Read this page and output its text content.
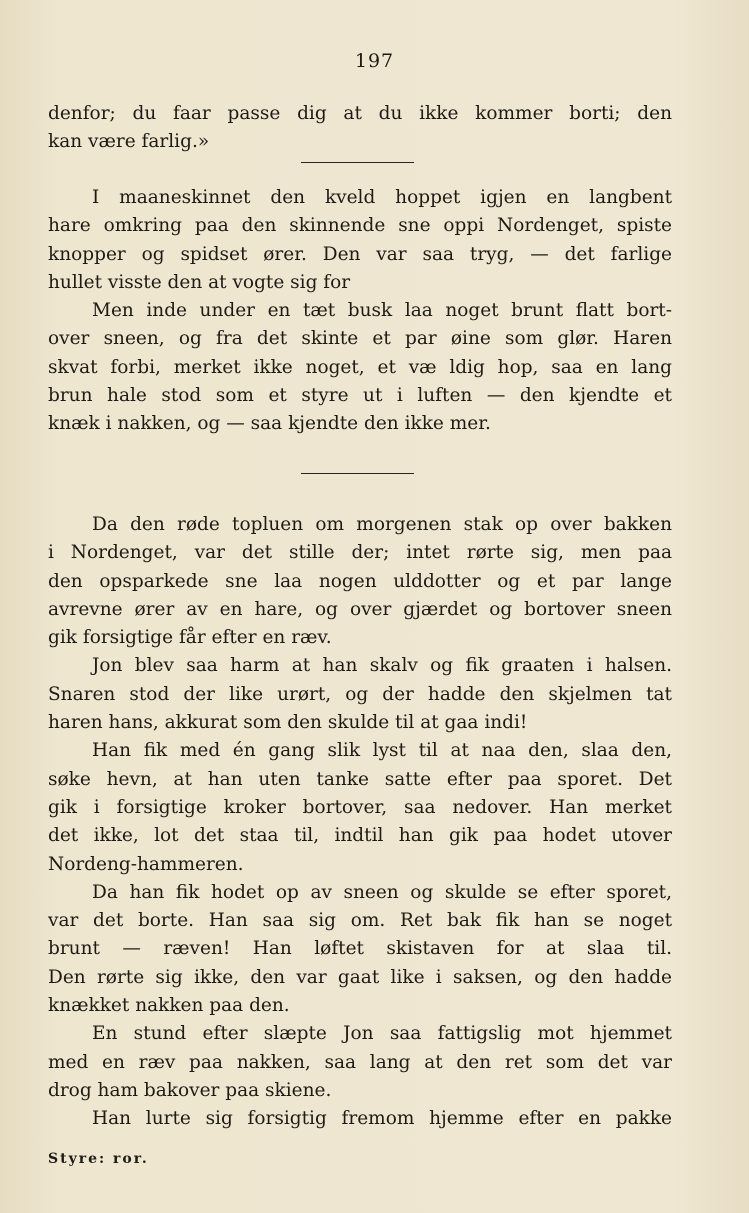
197
denfor; du faar passe dig at du ikke kommer borti; den
kan være farlig.»
I maaneskinnet den kveld hoppet igjen en langbent
hare omkring paa den skinnende sne oppi Nordenget, spiste
knopper og spidset ører. Den var saa tryg, — det farlige
hullet visste den at vogte sig for
Men inde under en tæt busk laa noget brunt flatt bort-
over sneen, og fra det skinte et par øine som glør. Haren
skvat forbi, merket ikke noget, et væ ldig hop, saa en lang
brun hale stod som et styre ut i luften — den kjendte et
knæk i nakken, og — saa kjendte den ikke mer.
Da den røde topluen om morgenen stak op over bakken
i Nordenget, var det stille der; intet rørte sig, men paa
den opsparkede sne laa nogen ulddotter og et par lange
avrevne ører av en hare, og over gjærdet og bortover sneen
gik forsigtige får efter en ræv.
Jon blev saa harm at han skalv og fik graaten i halsen.
Snaren stod der like urørt, og der hadde den skjelmen tat
haren hans, akkurat som den skulde til at gaa indi!
Han fik med én gang slik lyst til at naa den, slaa den,
søke hevn, at han uten tanke satte efter paa sporet. Det
gik i forsigtige kroker bortover, saa nedover. Han merket
det ikke, lot det staa til, indtil han gik paa hodet utover
Nordeng-hammeren.
Da han fik hodet op av sneen og skulde se efter sporet,
var det borte. Han saa sig om. Ret bak fik han se noget
brunt — ræven! Han løftet skistaven for at slaa til.
Den rørte sig ikke, den var gaat like i saksen, og den hadde
knækket nakken paa den.
En stund efter slæpte Jon saa fattigslig mot hjemmet
med en ræv paa nakken, saa lang at den ret som det var
drog ham bakover paa skiene.
Han lurte sig forsigtig fremom hjemme efter en pakke
Styre: ror.
